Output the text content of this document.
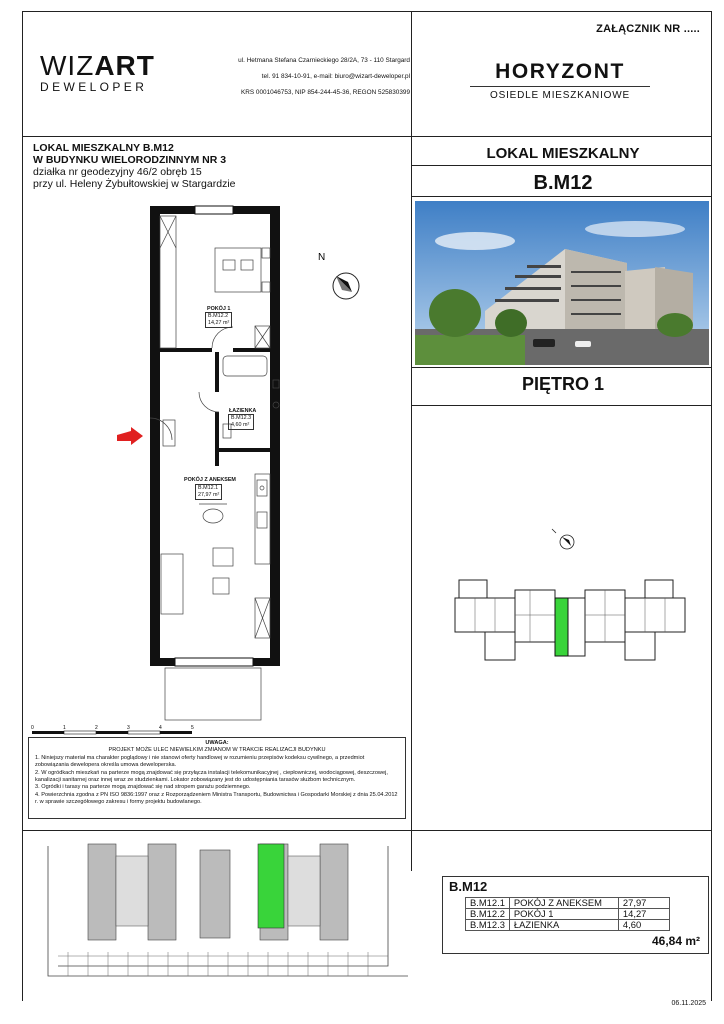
ZAŁĄCZNIK NR .....
WIZART
DEWELOPER
ul. Hetmana Stefana Czarnieckiego 28/2A, 73 - 110 Stargard
tel. 91 834-10-91, e-mail: biuro@wizart-deweloper.pl
KRS 0001046753, NIP 854-244-45-36, REGON 525830399
HORYZONT
OSIEDLE MIESZKANIOWE
LOKAL MIESZKALNY B.M12
W BUDYNKU WIELORODZINNYM NR 3
działka nr geodezyjny 46/2 obręb 15
przy ul. Heleny Żybułtowskiej w Stargardzie
LOKAL MIESZKALNY
B.M12
PIĘTRO 1
POKÓJ 1
B.M12.2
14,27 m²
ŁAZIENKA
B.M12.3
4,60 m²
POKÓJ Z ANEKSEM
B.M12.1
27,97 m²
N
0	1	2	3	4	5
UWAGA:
PROJEKT MOŻE ULEC NIEWIELKIM ZMIANOM W TRAKCIE REALIZACJI BUDYNKU
1. Niniejszy materiał ma charakter poglądowy i nie stanowi oferty handlowej w rozumieniu przepisów kodeksu cywilnego, a przedmiot zobowiązania dewelopera określa umowa deweloperska.
2. W ogródkach mieszkań na parterze mogą znajdować się przyłącza instalacji telekomunikacyjnej , ciepłowniczej, wodociągowej, deszczowej, kanalizacji sanitarnej oraz innej wraz ze studzienkami. Lokator zobowiązany jest do udostępniania tarasów służbom technicznym.
3. Ogródki i tarasy na parterze mogą znajdować się nad stropem garażu podziemnego.
4. Powierzchnia zgodna z PN ISO 9836:1997 oraz z Rozporządzeniem Ministra Transportu, Budownictwa i Gospodarki Morskiej z dnia 25.04.2012 r. w sprawie szczegółowego zakresu i formy projektu budowlanego.
B.M12
B.M12.1	POKÓJ Z ANEKSEM	27,97
B.M12.2	POKÓJ 1	14,27
B.M12.3	ŁAZIENKA	4,60
46,84 m²
06.11.2025
